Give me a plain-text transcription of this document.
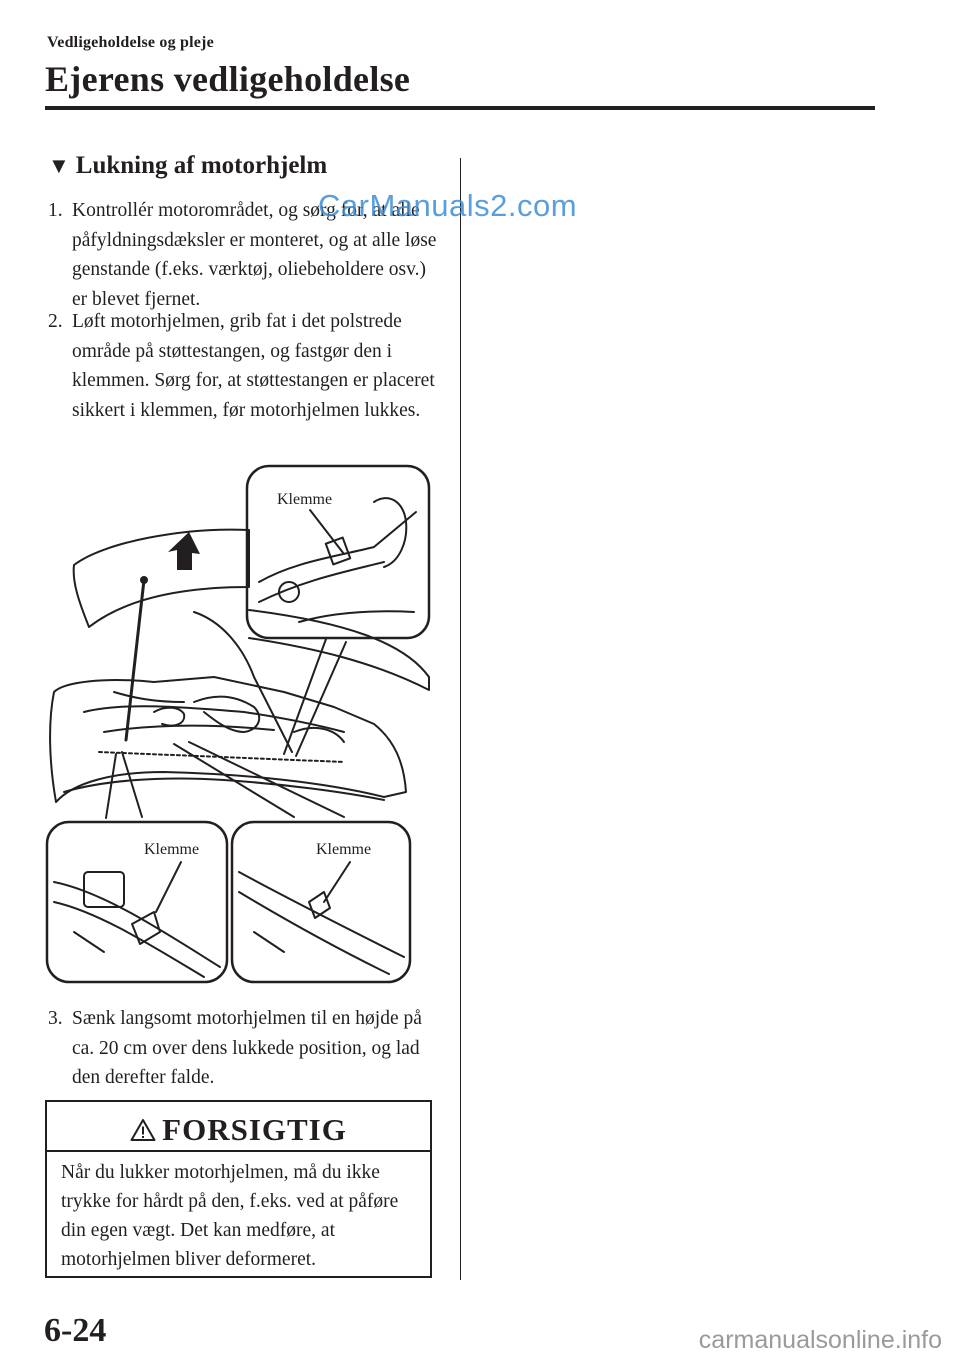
Vedligeholdelse og pleje
Ejerens vedligeholdelse
▼ Lukning af motorhjelm
1. Kontrollér motorområdet, og sørg for, at alle påfyldningsdæksler er monteret, og at alle løse genstande (f.eks. værktøj, oliebeholdere osv.) er blevet fjernet.
CarManuals2.com
2. Løft motorhjelmen, grib fat i det polstrede område på støttestangen, og fastgør den i klemmen. Sørg for, at støttestangen er placeret sikkert i klemmen, før motorhjelmen lukkes.
Klemme
Klemme	Klemme
3. Sænk langsomt motorhjelmen til en højde på ca. 20 cm over dens lukkede position, og lad den derefter falde.
FORSIGTIG
Når du lukker motorhjelmen, må du ikke trykke for hårdt på den, f.eks. ved at påføre din egen vægt. Det kan medføre, at motorhjelmen bliver deformeret.
6-24	carmanualsonline.info
